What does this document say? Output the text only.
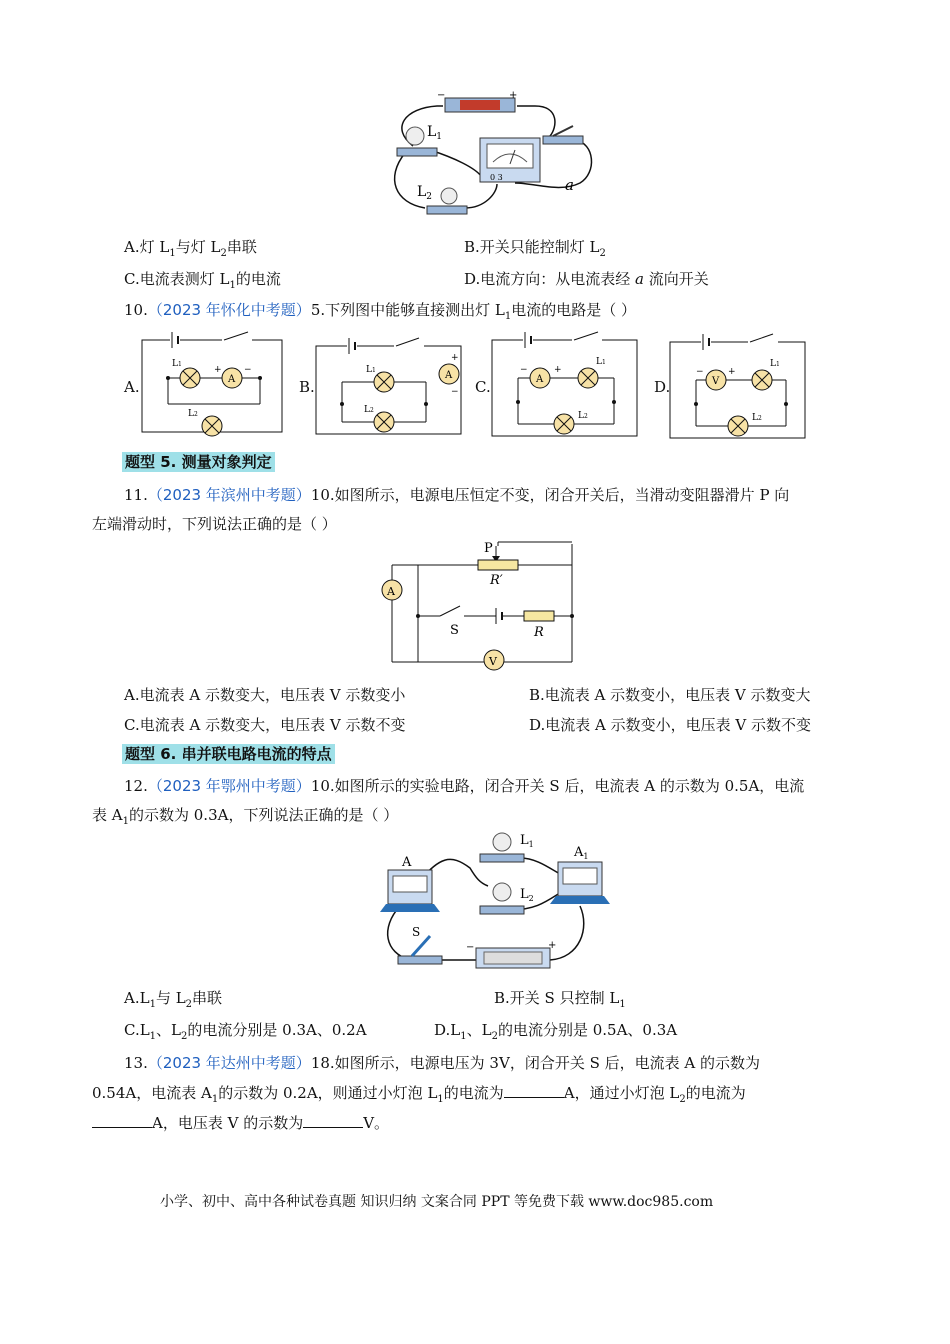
−	+
$L_1$
0 3
$L_2$
a
A.灯 $L_1$与灯 $L_2$串联	B.开关只能控制灯 $L_2$
C.电流表测灯 $L_1$的电流	D.电流方向：从电流表经 a 流向开关
10.（2023 年怀化中考题）5.下列图中能够直接测出灯 $L_1$电流的电路是（ ）
A.	B.	C.	D.
L1
A
+ −
L2
A
+
−
L1
L2
A
−	+
L1
L2
V
−	+
L1
L2
题型 5. 测量对象判定
11.（2023 年滨州中考题）10.如图所示，电源电压恒定不变，闭合开关后，当滑动变阻器滑片 P 向
左端滑动时，下列说法正确的是（ ）
P
R′
A
S	R
V
A.电流表 A 示数变大，电压表 V 示数变小	B.电流表 A 示数变小，电压表 V 示数变大
C.电流表 A 示数变大，电压表 V 示数不变	D.电流表 A 示数变小，电压表 V 示数不变
题型 6. 串并联电路电流的特点
12.（2023 年鄂州中考题）10.如图所示的实验电路，闭合开关 S 后，电流表 A 的示数为 0.5A，电流
表 $A_1$的示数为 0.3A，下列说法正确的是（ ）
A
$L_1$
$L_2$
$A_1$
S
−	+
$A.L_1$与 $L_2$串联	B.开关 S 只控制 $L_1$
$C.L_1$、$L_2$的电流分别是 0.3A、0.2A	$D.L_1$、$L_2$的电流分别是 0.5A、0.3A
13.（2023 年达州中考题）18.如图所示，电源电压为 3V，闭合开关 S 后，电流表 A 的示数为
0.54A，电流表 $A_1$的示数为 0.2A，则通过小灯泡 $L_1$的电流为	A，通过小灯泡 $L_2$的电流为
A，电压表 V 的示数为	V。
小学、初中、高中各种试卷真题 知识归纳 文案合同 PPT 等免费下载 www.doc985.com
